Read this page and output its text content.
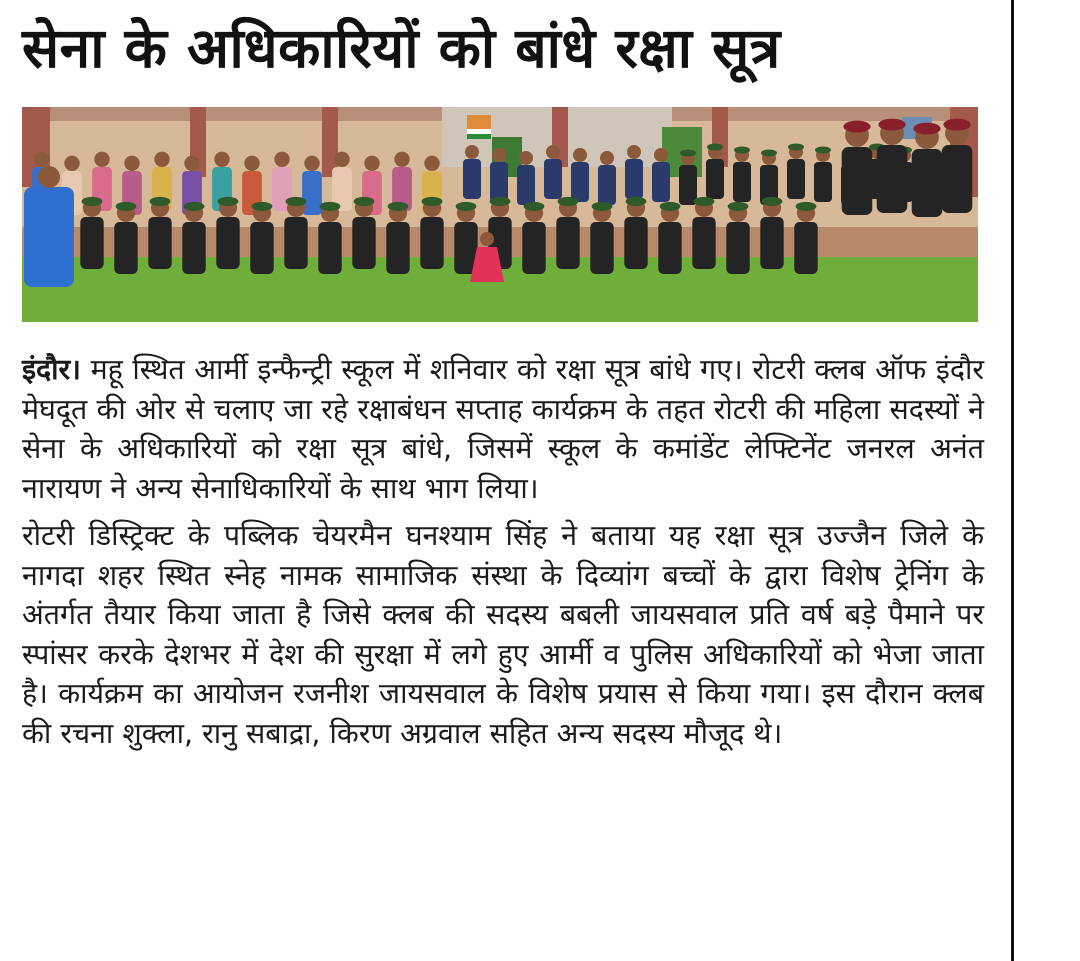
सेना के अधिकारियों को बांधे रक्षा सूत्र

इंदौर। महू स्थित आर्मी इन्फैन्ट्री स्कूल में शनिवार को रक्षा सूत्र बांधे गए। रोटरी क्लब ऑफ इंदौर मेघदूत की ओर से चलाए जा रहे रक्षाबंधन सप्ताह कार्यक्रम के तहत रोटरी की महिला सदस्यों ने सेना के अधिकारियों को रक्षा सूत्र बांधे, जिसमें स्कूल के कमांडेंट लेफ्टिनेंट जनरल अनंत नारायण ने अन्य सेनाधिकारियों के साथ भाग लिया।

रोटरी डिस्ट्रिक्ट के पब्लिक चेयरमैन घनश्याम सिंह ने बताया यह रक्षा सूत्र उज्जैन जिले के नागदा शहर स्थित स्नेह नामक सामाजिक संस्था के दिव्यांग बच्चों के द्वारा विशेष ट्रेनिंग के अंतर्गत तैयार किया जाता है जिसे क्लब की सदस्य बबली जायसवाल प्रति वर्ष बड़े पैमाने पर स्पांसर करके देशभर में देश की सुरक्षा में लगे हुए आर्मी व पुलिस अधिकारियों को भेजा जाता है। कार्यक्रम का आयोजन रजनीश जायसवाल के विशेष प्रयास से किया गया। इस दौरान क्लब की रचना शुक्ला, रानु सबाद्रा, किरण अग्रवाल सहित अन्य सदस्य मौजूद थे।
